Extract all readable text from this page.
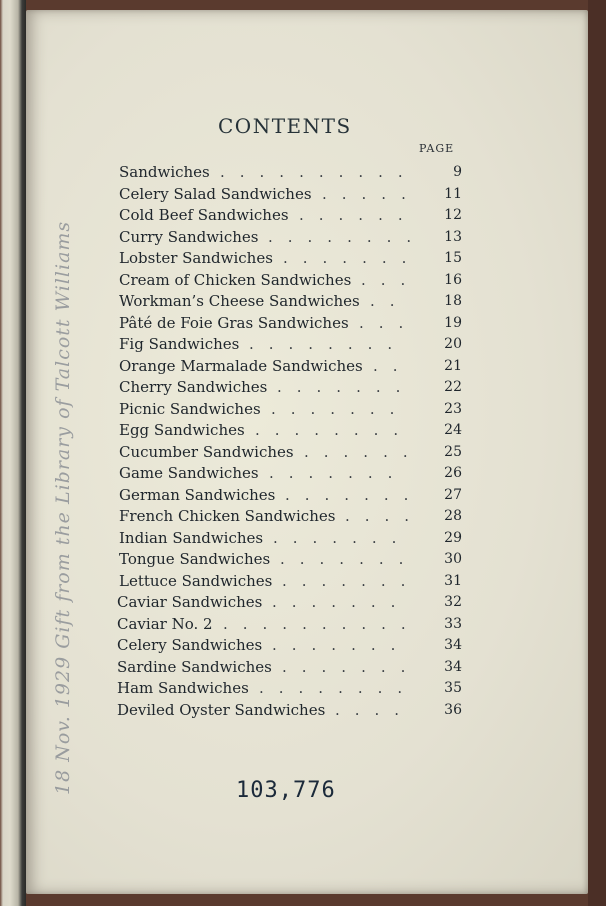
CONTENTS
PAGE
Sandwiches ..........	9
Celery Salad Sandwiches .....	11
Cold Beef Sandwiches ......	12
Curry Sandwiches ........	13
Lobster Sandwiches .......	15
Cream of Chicken Sandwiches ...	16
Workman’s Cheese Sandwiches ..	18
Pâté de Foie Gras Sandwiches ...	19
Fig Sandwiches ........	20
Orange Marmalade Sandwiches ..	21
Cherry Sandwiches .......	22
Picnic Sandwiches .......	23
Egg Sandwiches ........	24
Cucumber Sandwiches ......	25
Game Sandwiches .......	26
German Sandwiches .......	27
French Chicken Sandwiches ....	28
Indian Sandwiches .......	29
Tongue Sandwiches .......	30
Lettuce Sandwiches .......	31
Caviar Sandwiches .......	32
Caviar No. 2 ..........	33
Celery Sandwiches .......	34
Sardine Sandwiches .......	34
Ham Sandwiches ........	35
Deviled Oyster Sandwiches ....	36
18 Nov. 1929 Gift from the Library of Talcott Williams	103,776
